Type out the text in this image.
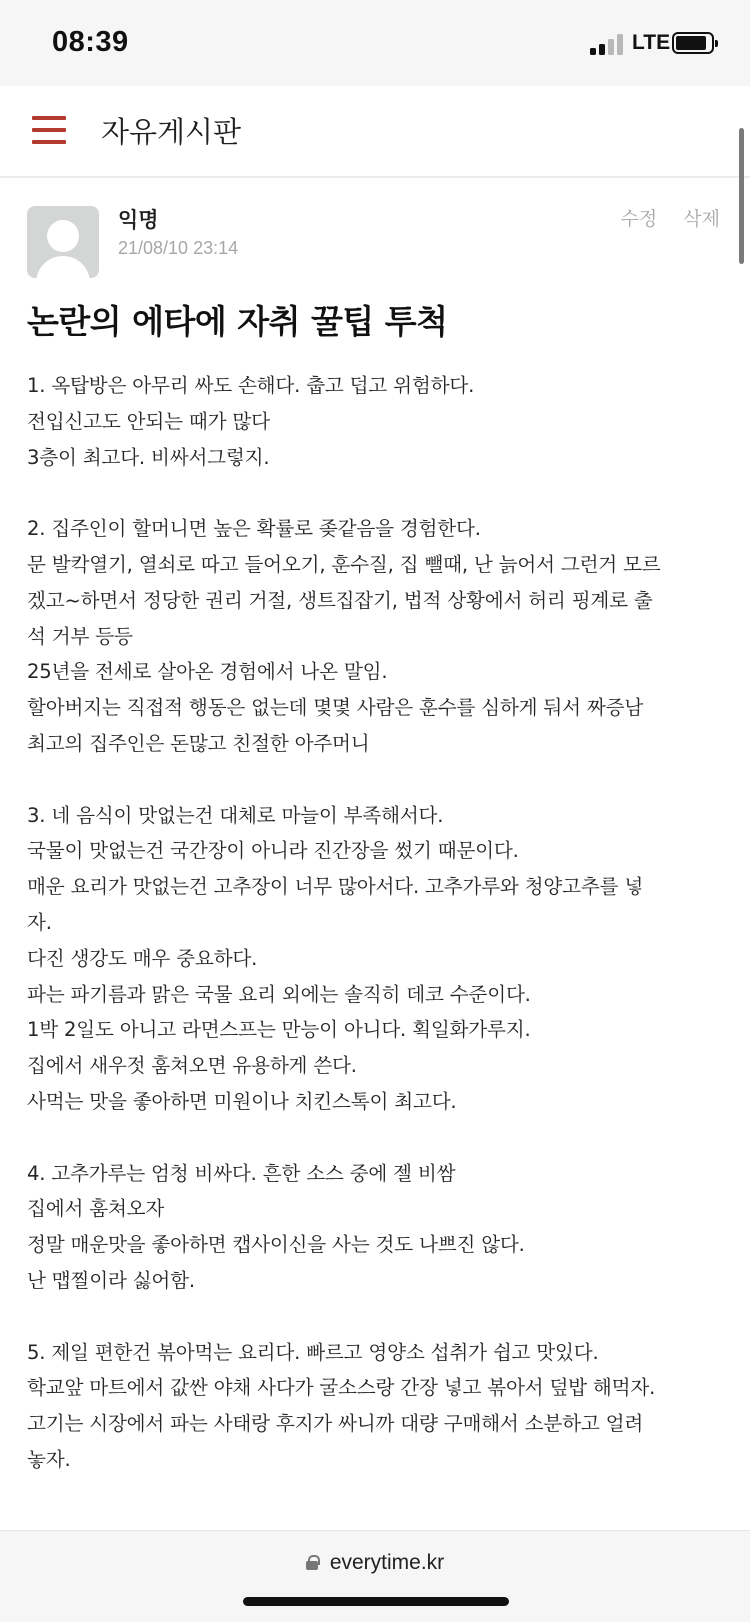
08:39	LTE
자유게시판
익명
21/08/10 23:14
수정 삭제
논란의 에타에 자취 꿀팁 투척

1. 옥탑방은 아무리 싸도 손해다. 춥고 덥고 위험하다.

전입신고도 안되는 때가 많다

3층이 최고다. 비싸서그렇지.

2. 집주인이 할머니면 높은 확률로 좆같음을 경험한다.

문 발칵열기, 열쇠로 따고 들어오기, 훈수질, 집 뺄때, 난 늙어서 그런거 모르

겠고~하면서 정당한 권리 거절, 생트집잡기, 법적 상황에서 허리 핑계로 출

석 거부 등등

25년을 전세로 살아온 경험에서 나온 말임.

할아버지는 직접적 행동은 없는데 몇몇 사람은 훈수를 심하게 둬서 짜증남

최고의 집주인은 돈많고 친절한 아주머니

3. 네 음식이 맛없는건 대체로 마늘이 부족해서다.

국물이 맛없는건 국간장이 아니라 진간장을 썼기 때문이다.

매운 요리가 맛없는건 고추장이 너무 많아서다. 고추가루와 청양고추를 넣

자.

다진 생강도 매우 중요하다.

파는 파기름과 맑은 국물 요리 외에는 솔직히 데코 수준이다.

1박 2일도 아니고 라면스프는 만능이 아니다. 획일화가루지.

집에서 새우젓 훔쳐오면 유용하게 쓴다.

사먹는 맛을 좋아하면 미원이나 치킨스톡이 최고다.

4. 고추가루는 엄청 비싸다. 흔한 소스 중에 젤 비쌈

집에서 훔쳐오자

정말 매운맛을 좋아하면 캡사이신을 사는 것도 나쁘진 않다.

난 맵찔이라 싫어함.

5. 제일 편한건 볶아먹는 요리다. 빠르고 영양소 섭취가 쉽고 맛있다.

학교앞 마트에서 값싼 야채 사다가 굴소스랑 간장 넣고 볶아서 덮밥 해먹자.

고기는 시장에서 파는 사태랑 후지가 싸니까 대량 구매해서 소분하고 얼려

놓자.

everytime.kr
